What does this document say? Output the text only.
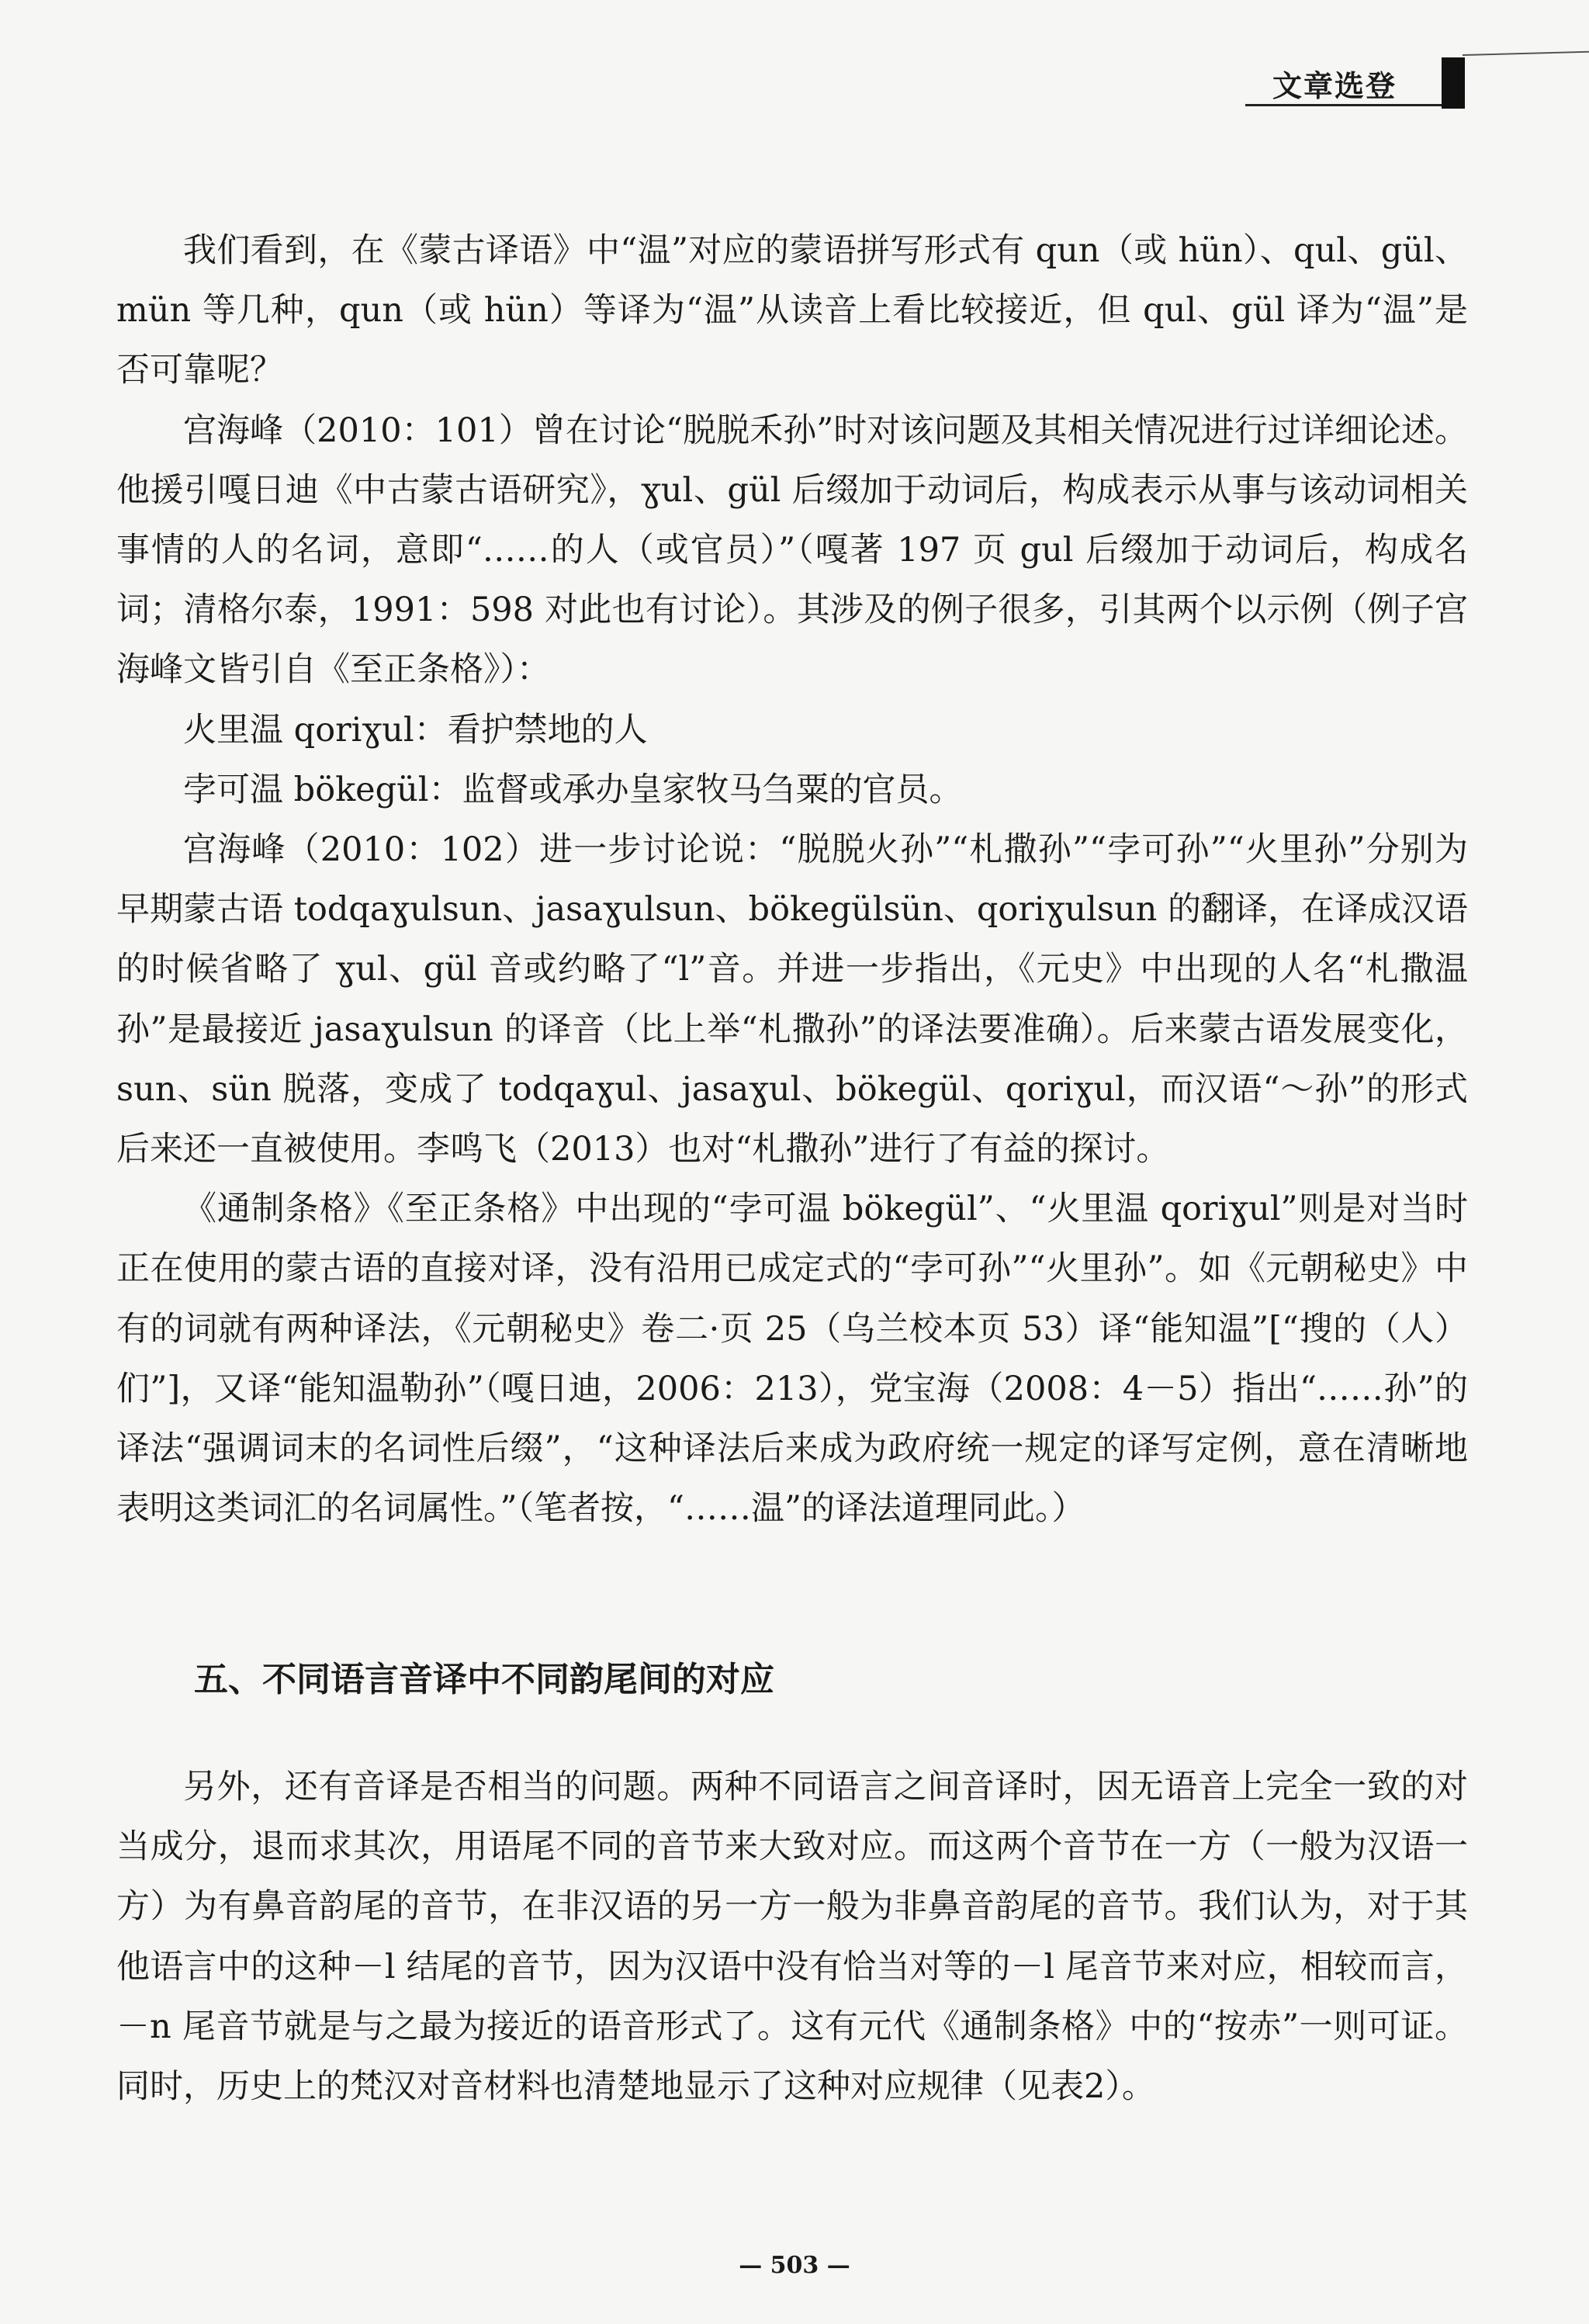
文章选登

我们看到，在《蒙古译语》中“温”对应的蒙语拼写形式有 qun（或 hün）、qul、gül、mün 等几种，qun（或 hün）等译为“温”从读音上看比较接近，但 qul、gül 译为“温”是否可靠呢？

宫海峰（2010：101）曾在讨论“脱脱禾孙”时对该问题及其相关情况进行过详细论述。他援引嘎日迪《中古蒙古语研究》，ɣul、gül 后缀加于动词后，构成表示从事与该动词相关事情的人的名词，意即“……的人（或官员）”（嘎著 197 页 gul 后缀加于动词后，构成名词；清格尔泰，1991：598 对此也有讨论）。其涉及的例子很多，引其两个以示例（例子宫海峰文皆引自《至正条格》）：

火里温 qoriɣul：看护禁地的人

孛可温 bökegül：监督或承办皇家牧马刍粟的官员。

宫海峰（2010：102）进一步讨论说：“脱脱火孙”“札撒孙”“孛可孙”“火里孙”分别为早期蒙古语 todqaɣulsun、jasaɣulsun、bökegülsün、qoriɣulsun 的翻译，在译成汉语的时候省略了 ɣul、gül 音或约略了“l”音。并进一步指出，《元史》中出现的人名“札撒温孙”是最接近 jasaɣulsun 的译音（比上举“札撒孙”的译法要准确）。后来蒙古语发展变化，sun、sün 脱落，变成了 todqaɣul、jasaɣul、bökegül、qoriɣul，而汉语“～孙”的形式后来还一直被使用。李鸣飞（2013）也对“札撒孙”进行了有益的探讨。

《通制条格》《至正条格》中出现的“孛可温 bökegül”、“火里温 qoriɣul”则是对当时正在使用的蒙古语的直接对译，没有沿用已成定式的“孛可孙”“火里孙”。如《元朝秘史》中有的词就有两种译法，《元朝秘史》卷二·页 25（乌兰校本页 53）译“能知温”[“搜的（人）们”]，又译“能知温勒孙”（嘎日迪，2006：213），党宝海（2008：4－5）指出“……孙”的译法“强调词末的名词性后缀”，“这种译法后来成为政府统一规定的译写定例，意在清晰地表明这类词汇的名词属性。”（笔者按，“……温”的译法道理同此。）

五、不同语言音译中不同韵尾间的对应

另外，还有音译是否相当的问题。两种不同语言之间音译时，因无语音上完全一致的对当成分，退而求其次，用语尾不同的音节来大致对应。而这两个音节在一方（一般为汉语一方）为有鼻音韵尾的音节，在非汉语的另一方一般为非鼻音韵尾的音节。我们认为，对于其他语言中的这种－l 结尾的音节，因为汉语中没有恰当对等的－l 尾音节来对应，相较而言，－n 尾音节就是与之最为接近的语音形式了。这有元代《通制条格》中的“按赤”一则可证。同时，历史上的梵汉对音材料也清楚地显示了这种对应规律（见表2）。

— 503 —
